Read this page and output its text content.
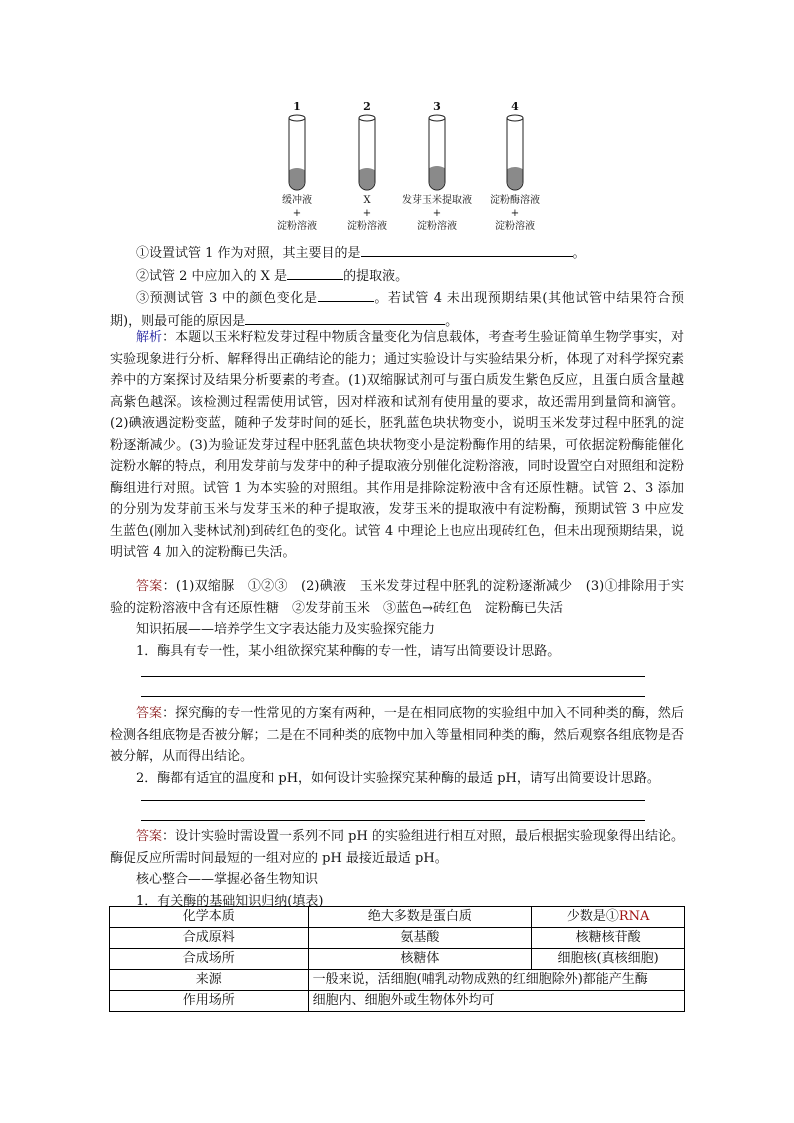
1
缓冲液
+
淀粉溶液
2
X
+
淀粉溶液
3
发芽玉米提取液
+
淀粉溶液
4
淀粉酶溶液
+
淀粉溶液

①设置试管 1 作为对照，其主要目的是	。

②试管 2 中应加入的 X 是	的提取液。

③预测试管 3 中的颜色变化是	。若试管 4 未出现预期结果(其他试管中结果符合预期)，则最可能的原因是	。

解析：本题以玉米籽粒发芽过程中物质含量变化为信息载体，考查考生验证简单生物学事实，对实验现象进行分析、解释得出正确结论的能力；通过实验设计与实验结果分析，体现了对科学探究素养中的方案探讨及结果分析要素的考查。(1)双缩脲试剂可与蛋白质发生紫色反应，且蛋白质含量越高紫色越深。该检测过程需使用试管，因对样液和试剂有使用量的要求，故还需用到量筒和滴管。(2)碘液遇淀粉变蓝，随种子发芽时间的延长，胚乳蓝色块状物变小，说明玉米发芽过程中胚乳的淀粉逐渐减少。(3)为验证发芽过程中胚乳蓝色块状物变小是淀粉酶作用的结果，可依据淀粉酶能催化淀粉水解的特点，利用发芽前与发芽中的种子提取液分别催化淀粉溶液，同时设置空白对照组和淀粉酶组进行对照。试管 1 为本实验的对照组。其作用是排除淀粉液中含有还原性糖。试管 2、3 添加的分别为发芽前玉米与发芽玉米的种子提取液，发芽玉米的提取液中有淀粉酶，预期试管 3 中应发生蓝色(刚加入斐林试剂)到砖红色的变化。试管 4 中理论上也应出现砖红色，但未出现预期结果，说明试管 4 加入的淀粉酶已失活。

答案：(1)双缩脲　①②③　(2)碘液　玉米发芽过程中胚乳的淀粉逐渐减少　(3)①排除用于实验的淀粉溶液中含有还原性糖　②发芽前玉米　③蓝色→砖红色　淀粉酶已失活

知识拓展——培养学生文字表达能力及实验探究能力

1．酶具有专一性，某小组欲探究某种酶的专一性，请写出简要设计思路。

答案：探究酶的专一性常见的方案有两种，一是在相同底物的实验组中加入不同种类的酶，然后检测各组底物是否被分解；二是在不同种类的底物中加入等量相同种类的酶，然后观察各组底物是否被分解，从而得出结论。

2．酶都有适宜的温度和 pH，如何设计实验探究某种酶的最适 pH，请写出简要设计思路。

答案：设计实验时需设置一系列不同 pH 的实验组进行相互对照，最后根据实验现象得出结论。酶促反应所需时间最短的一组对应的 pH 最接近最适 pH。

核心整合——掌握必备生物知识

1．有关酶的基础知识归纳(填表)

化学本质	绝大多数是蛋白质	少数是①RNA
合成原料	氨基酸	核糖核苷酸
合成场所	核糖体	细胞核(真核细胞)
来源	一般来说，活细胞(哺乳动物成熟的红细胞除外)都能产生酶	
作用场所	细胞内、细胞外或生物体外均可	
